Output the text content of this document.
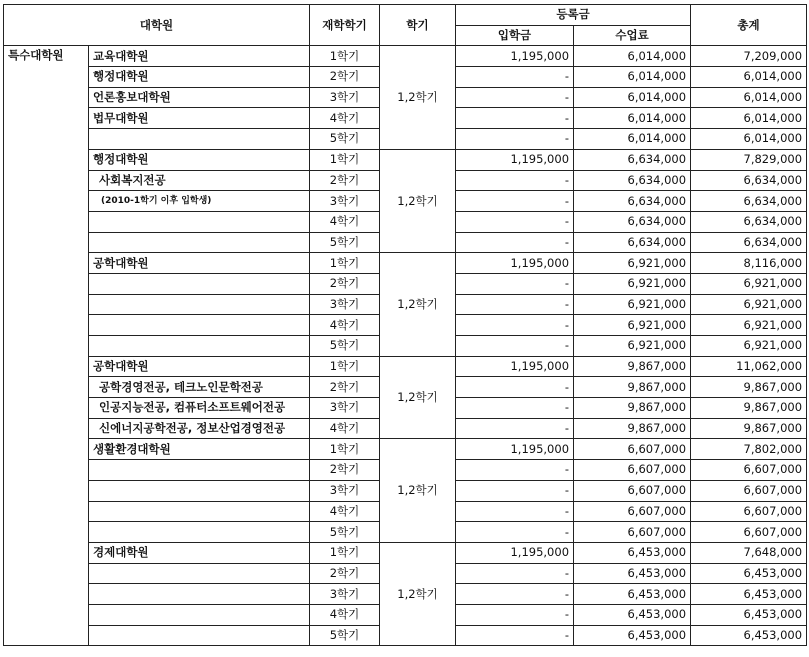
대학원		재학학기	학기	등록금		총계
				입학금	수업료	
특수대학원	교육대학원	1학기	1,2학기	1,195,000	6,014,000	7,209,000
	행정대학원	2학기		-	6,014,000	6,014,000
	언론홍보대학원	3학기		-	6,014,000	6,014,000
	법무대학원	4학기		-	6,014,000	6,014,000
		5학기		-	6,014,000	6,014,000
	행정대학원	1학기	1,2학기	1,195,000	6,634,000	7,829,000
	사회복지전공	2학기		-	6,634,000	6,634,000
	(2010-1학기 이후 입학생)	3학기		-	6,634,000	6,634,000
		4학기		-	6,634,000	6,634,000
		5학기		-	6,634,000	6,634,000
	공학대학원	1학기	1,2학기	1,195,000	6,921,000	8,116,000
		2학기		-	6,921,000	6,921,000
		3학기		-	6,921,000	6,921,000
		4학기		-	6,921,000	6,921,000
		5학기		-	6,921,000	6,921,000
	공학대학원	1학기	1,2학기	1,195,000	9,867,000	11,062,000
	공학경영전공, 테크노인문학전공	2학기		-	9,867,000	9,867,000
	인공지능전공, 컴퓨터소프트웨어전공	3학기		-	9,867,000	9,867,000
	신에너지공학전공, 정보산업경영전공	4학기		-	9,867,000	9,867,000
	생활환경대학원	1학기	1,2학기	1,195,000	6,607,000	7,802,000
		2학기		-	6,607,000	6,607,000
		3학기		-	6,607,000	6,607,000
		4학기		-	6,607,000	6,607,000
		5학기		-	6,607,000	6,607,000
	경제대학원	1학기	1,2학기	1,195,000	6,453,000	7,648,000
		2학기		-	6,453,000	6,453,000
		3학기		-	6,453,000	6,453,000
		4학기		-	6,453,000	6,453,000
		5학기		-	6,453,000	6,453,000
